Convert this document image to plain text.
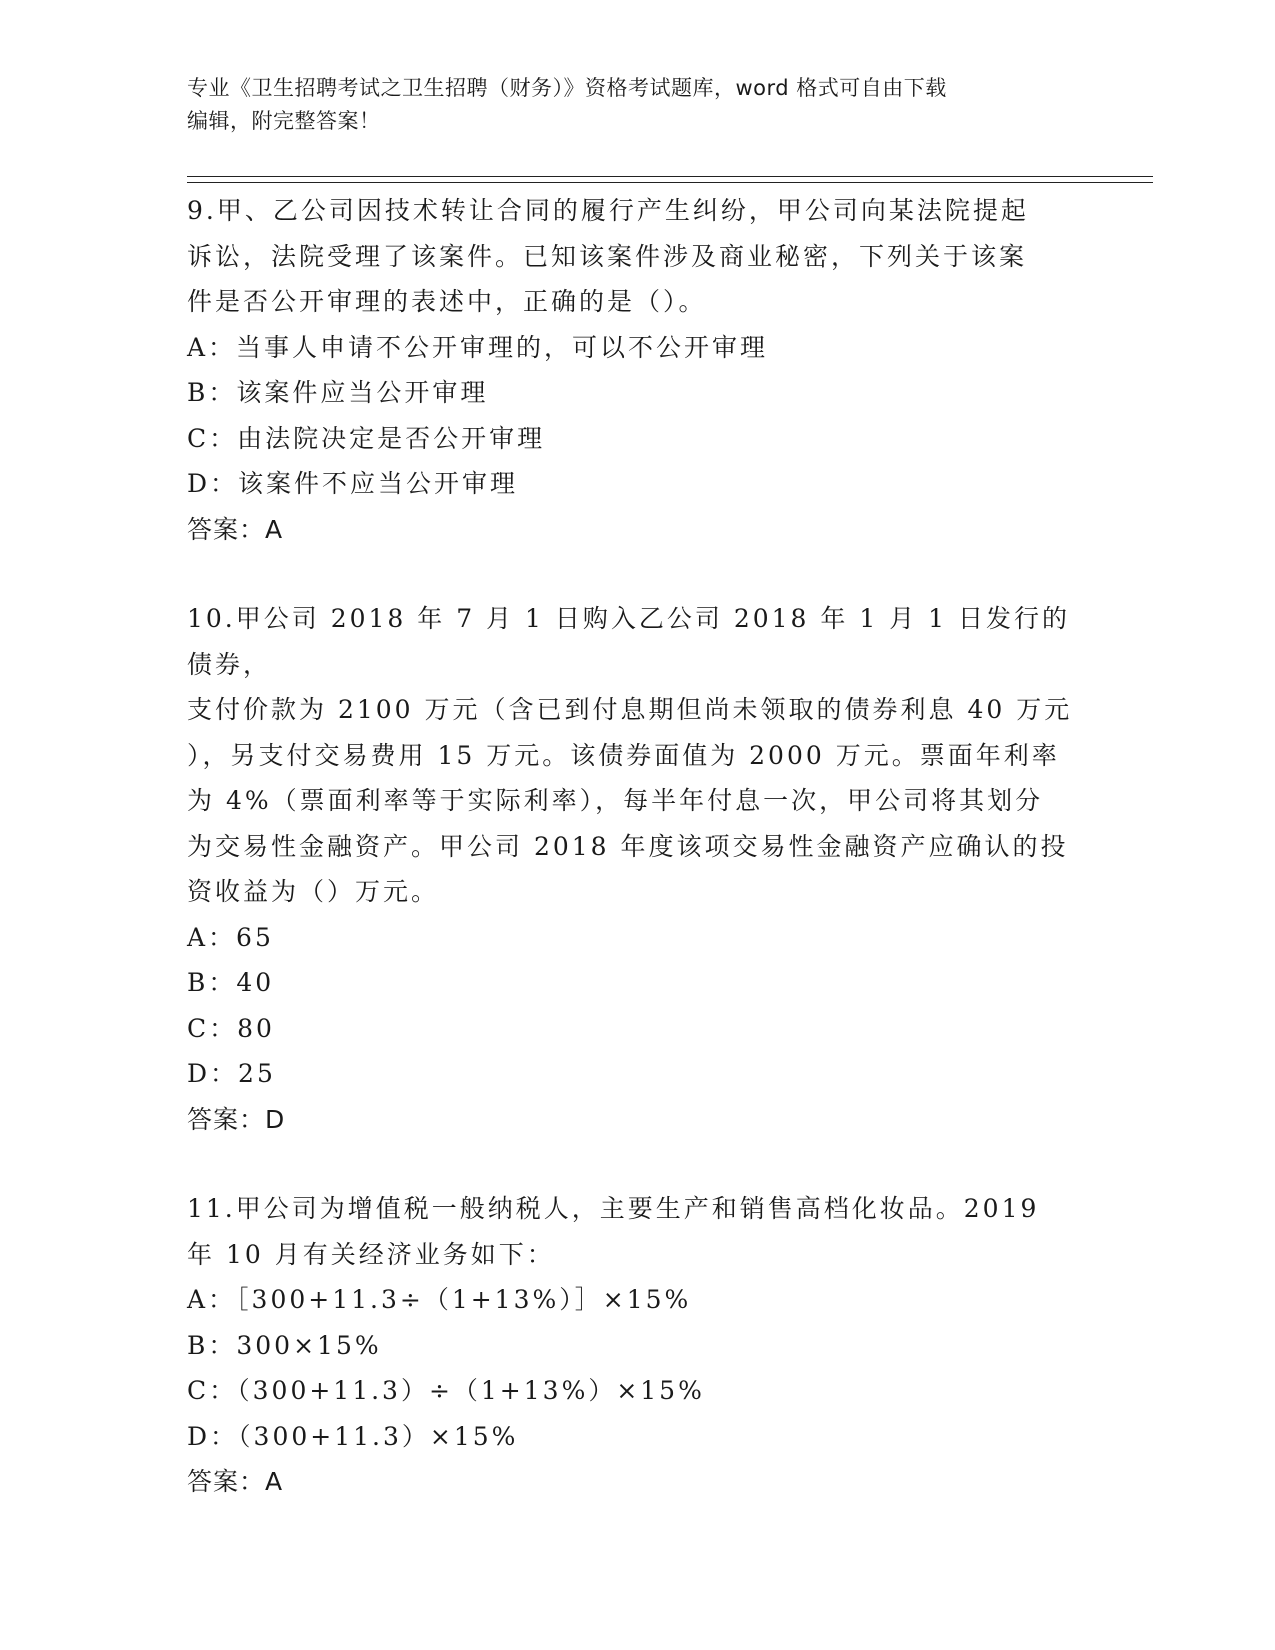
专业《卫生招聘考试之卫生招聘（财务）》资格考试题库，word 格式可自由下载
编辑，附完整答案！
9.甲、乙公司因技术转让合同的履行产生纠纷，甲公司向某法院提起
诉讼，法院受理了该案件。已知该案件涉及商业秘密，下列关于该案
件是否公开审理的表述中，正确的是（）。
A：当事人申请不公开审理的，可以不公开审理
B：该案件应当公开审理
C：由法院决定是否公开审理
D：该案件不应当公开审理
答案：A
10.甲公司 2018 年 7 月 1 日购入乙公司 2018 年 1 月 1 日发行的债券，
支付价款为 2100 万元（含已到付息期但尚未领取的债券利息 40 万元
），另支付交易费用 15 万元。该债券面值为 2000 万元。票面年利率
为 4%（票面利率等于实际利率），每半年付息一次，甲公司将其划分
为交易性金融资产。甲公司 2018 年度该项交易性金融资产应确认的投
资收益为（）万元。
A：65
B：40
C：80
D：25
答案：D
11.甲公司为增值税一般纳税人，主要生产和销售高档化妆品。2019
年 10 月有关经济业务如下：
A：［300+11.3÷（1+13%）］×15%
B：300×15%
C：（300+11.3）÷（1+13%）×15%
D：（300+11.3）×15%
答案：A
